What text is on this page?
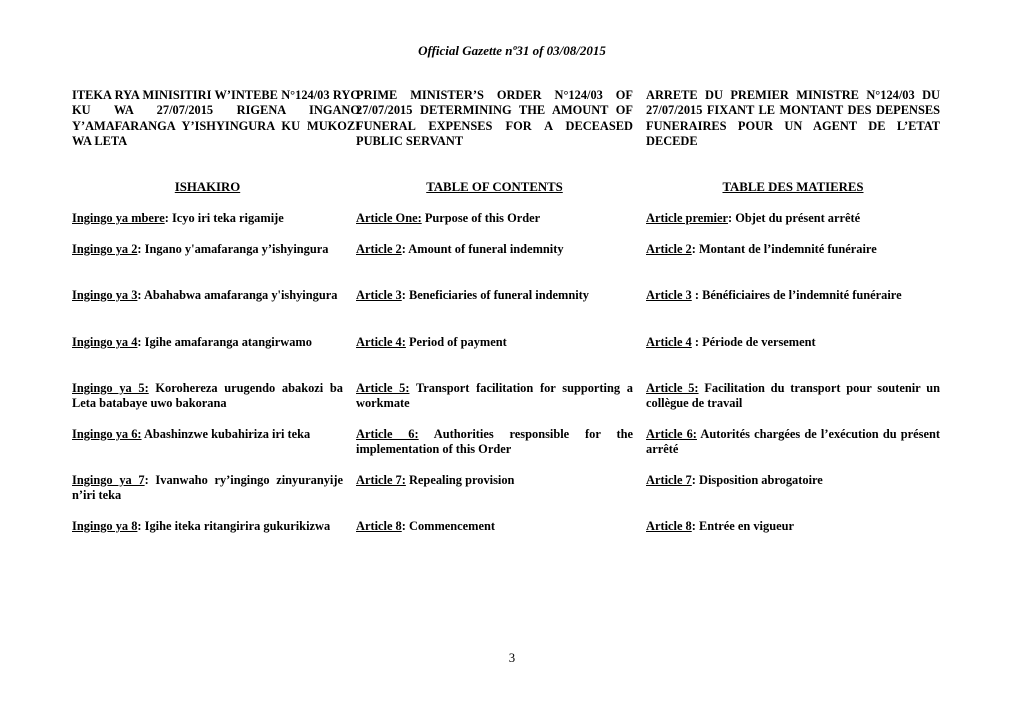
Official Gazette nº31 of 03/08/2015
ITEKA RYA MINISITIRI W’INTEBE N°124/03 RYO KU WA 27/07/2015 RIGENA INGANO Y’AMAFARANGA Y’ISHYINGURA KU MUKOZI WA LETA
PRIME MINISTER’S ORDER N°124/03 OF 27/07/2015 DETERMINING THE AMOUNT OF FUNERAL EXPENSES FOR A DECEASED PUBLIC SERVANT
ARRETE DU PREMIER MINISTRE N°124/03 DU 27/07/2015 FIXANT LE MONTANT DES DEPENSES FUNERAIRES POUR UN AGENT DE L’ETAT DECEDE
ISHAKIRO
Ingingo ya mbere: Icyo iri teka rigamije
Ingingo ya 2: Ingano y'amafaranga y’ishyingura
Ingingo ya 3: Abahabwa amafaranga y'ishyingura
Ingingo ya 4: Igihe amafaranga atangirwamo
Ingingo ya 5: Koroherez​a urugendo abakozi ba Leta batabaye uwo bakorana
Ingingo ya 6: Abashinzwe kubahiriza iri teka
Ingingo ya 7: Ivanwaho ry’ingingo zinyuranyije n’iri teka
Ingingo ya 8: Igihe iteka ritangirira gukurikizwa
TABLE OF CONTENTS
Article One: Purpose of this Order
Article 2: Amount of funeral indemnity
Article 3: Beneficiaries of funeral indemnity
Article 4: Period of payment
Article 5: Transport facilitation for supporting a workmate
Article 6: Authorities responsible for the implementation of this Order
Article 7: Repealing provision
Article 8: Commencement
TABLE DES MATIERES
Article premier: Objet du présent arrêté
Article 2: Montant de l’indemnité funéraire
Article 3 : Bénéficiaires de l’indemnité funéraire
Article 4 : Période de versement
Article 5: Facilitation du transport pour soutenir un collègue de travail
Article 6: Autorités chargées de l’exécution du présent arrêté
Article 7: Disposition abrogatoire
Article 8: Entrée en vigueur
3
